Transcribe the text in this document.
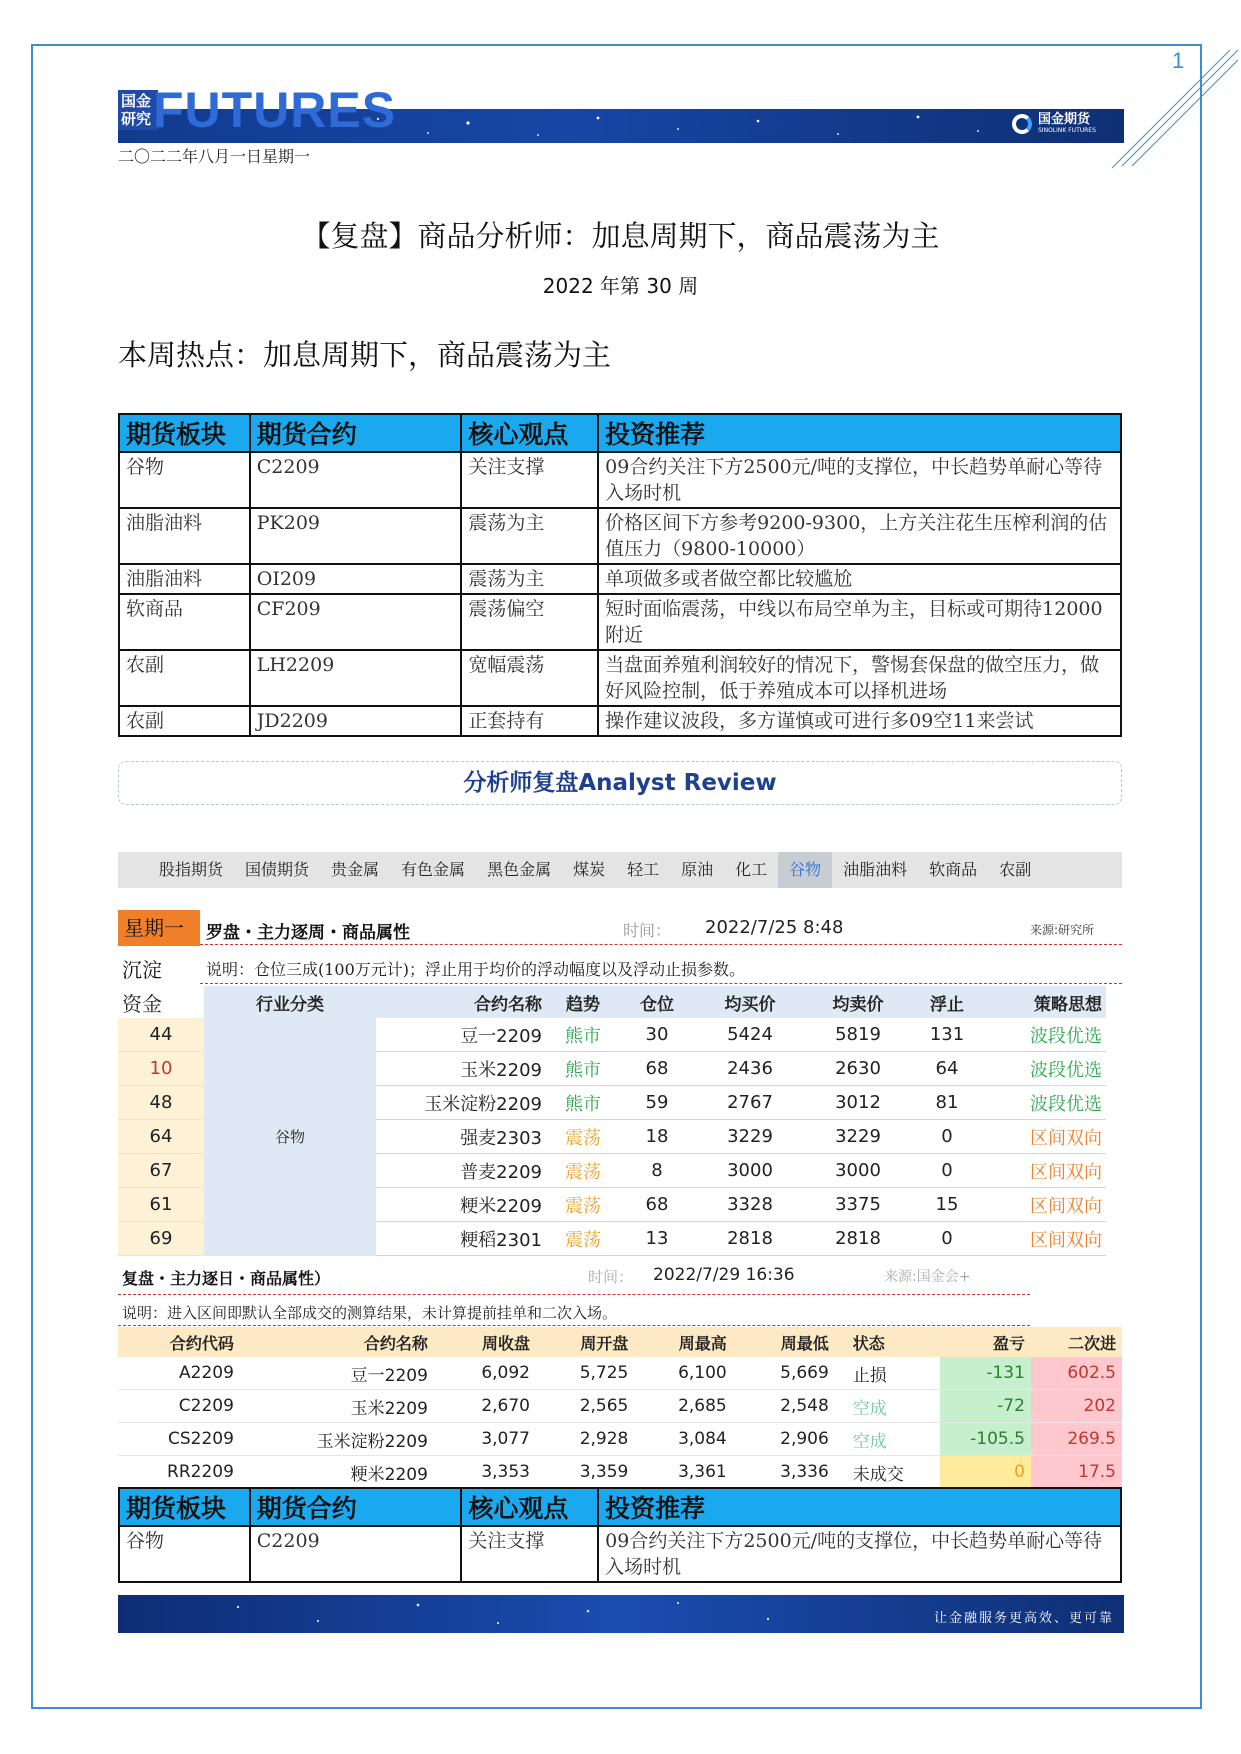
1
国金
研究 FUTURES	国金期货
SINOLINK FUTURES
二〇二二年八月一日星期一
【复盘】商品分析师：加息周期下，商品震荡为主
2022 年第 30 周
本周热点：加息周期下，商品震荡为主
期货板块	期货合约	核心观点	投资推荐
谷物	C2209	关注支撑	09合约关注下方2500元/吨的支撑位，中长趋势单耐心等待入场时机
油脂油料	PK209	震荡为主	价格区间下方参考9200-9300，上方关注花生压榨利润的估值压力（9800-10000）
油脂油料	OI209	震荡为主	单项做多或者做空都比较尴尬
软商品	CF209	震荡偏空	短时面临震荡，中线以布局空单为主，目标或可期待12000附近
农副	LH2209	宽幅震荡	当盘面养殖利润较好的情况下，警惕套保盘的做空压力，做好风险控制，低于养殖成本可以择机进场
农副	JD2209	正套持有	操作建议波段，多方谨慎或可进行多09空11来尝试
分析师复盘Analyst Review
股指期货	国债期货	贵金属	有色金属	黑色金属	煤炭	轻工	原油	化工	谷物	油脂油料	软商品	农副
星期一	罗盘・主力逐周・商品属性	时间： 2022/7/25 8:48	来源:研究所
沉淀	说明：仓位三成(100万元计)；浮止用于均价的浮动幅度以及浮动止损参数。
资金	行业分类	合约名称	趋势	仓位	均买价	均卖价	浮止	策略思想
44	谷物	豆一2209	熊市	30	5424	5819	131	波段优选
10		玉米2209	熊市	68	2436	2630	64	波段优选
48		玉米淀粉2209	熊市	59	2767	3012	81	波段优选
64		强麦2303	震荡	18	3229	3229	0	区间双向
67		普麦2209	震荡	8	3000	3000	0	区间双向
61		粳米2209	震荡	68	3328	3375	15	区间双向
69		粳稻2301	震荡	13	2818	2818	0	区间双向
复盘・主力逐日・商品属性）	时间： 2022/7/29 16:36	来源:国金会+
说明：进入区间即默认全部成交的测算结果，未计算提前挂单和二次入场。
合约代码	合约名称	周收盘	周开盘	周最高	周最低	状态	盈亏	二次进
A2209	豆一2209	6,092	5,725	6,100	5,669	止损	-131	602.5
C2209	玉米2209	2,670	2,565	2,685	2,548	空成	-72	202
CS2209	玉米淀粉2209	3,077	2,928	3,084	2,906	空成	-105.5	269.5
RR2209	粳米2209	3,353	3,359	3,361	3,336	未成交	0	17.5
期货板块	期货合约	核心观点	投资推荐
谷物	C2209	关注支撑	09合约关注下方2500元/吨的支撑位，中长趋势单耐心等待入场时机
让金融服务更高效、更可靠
